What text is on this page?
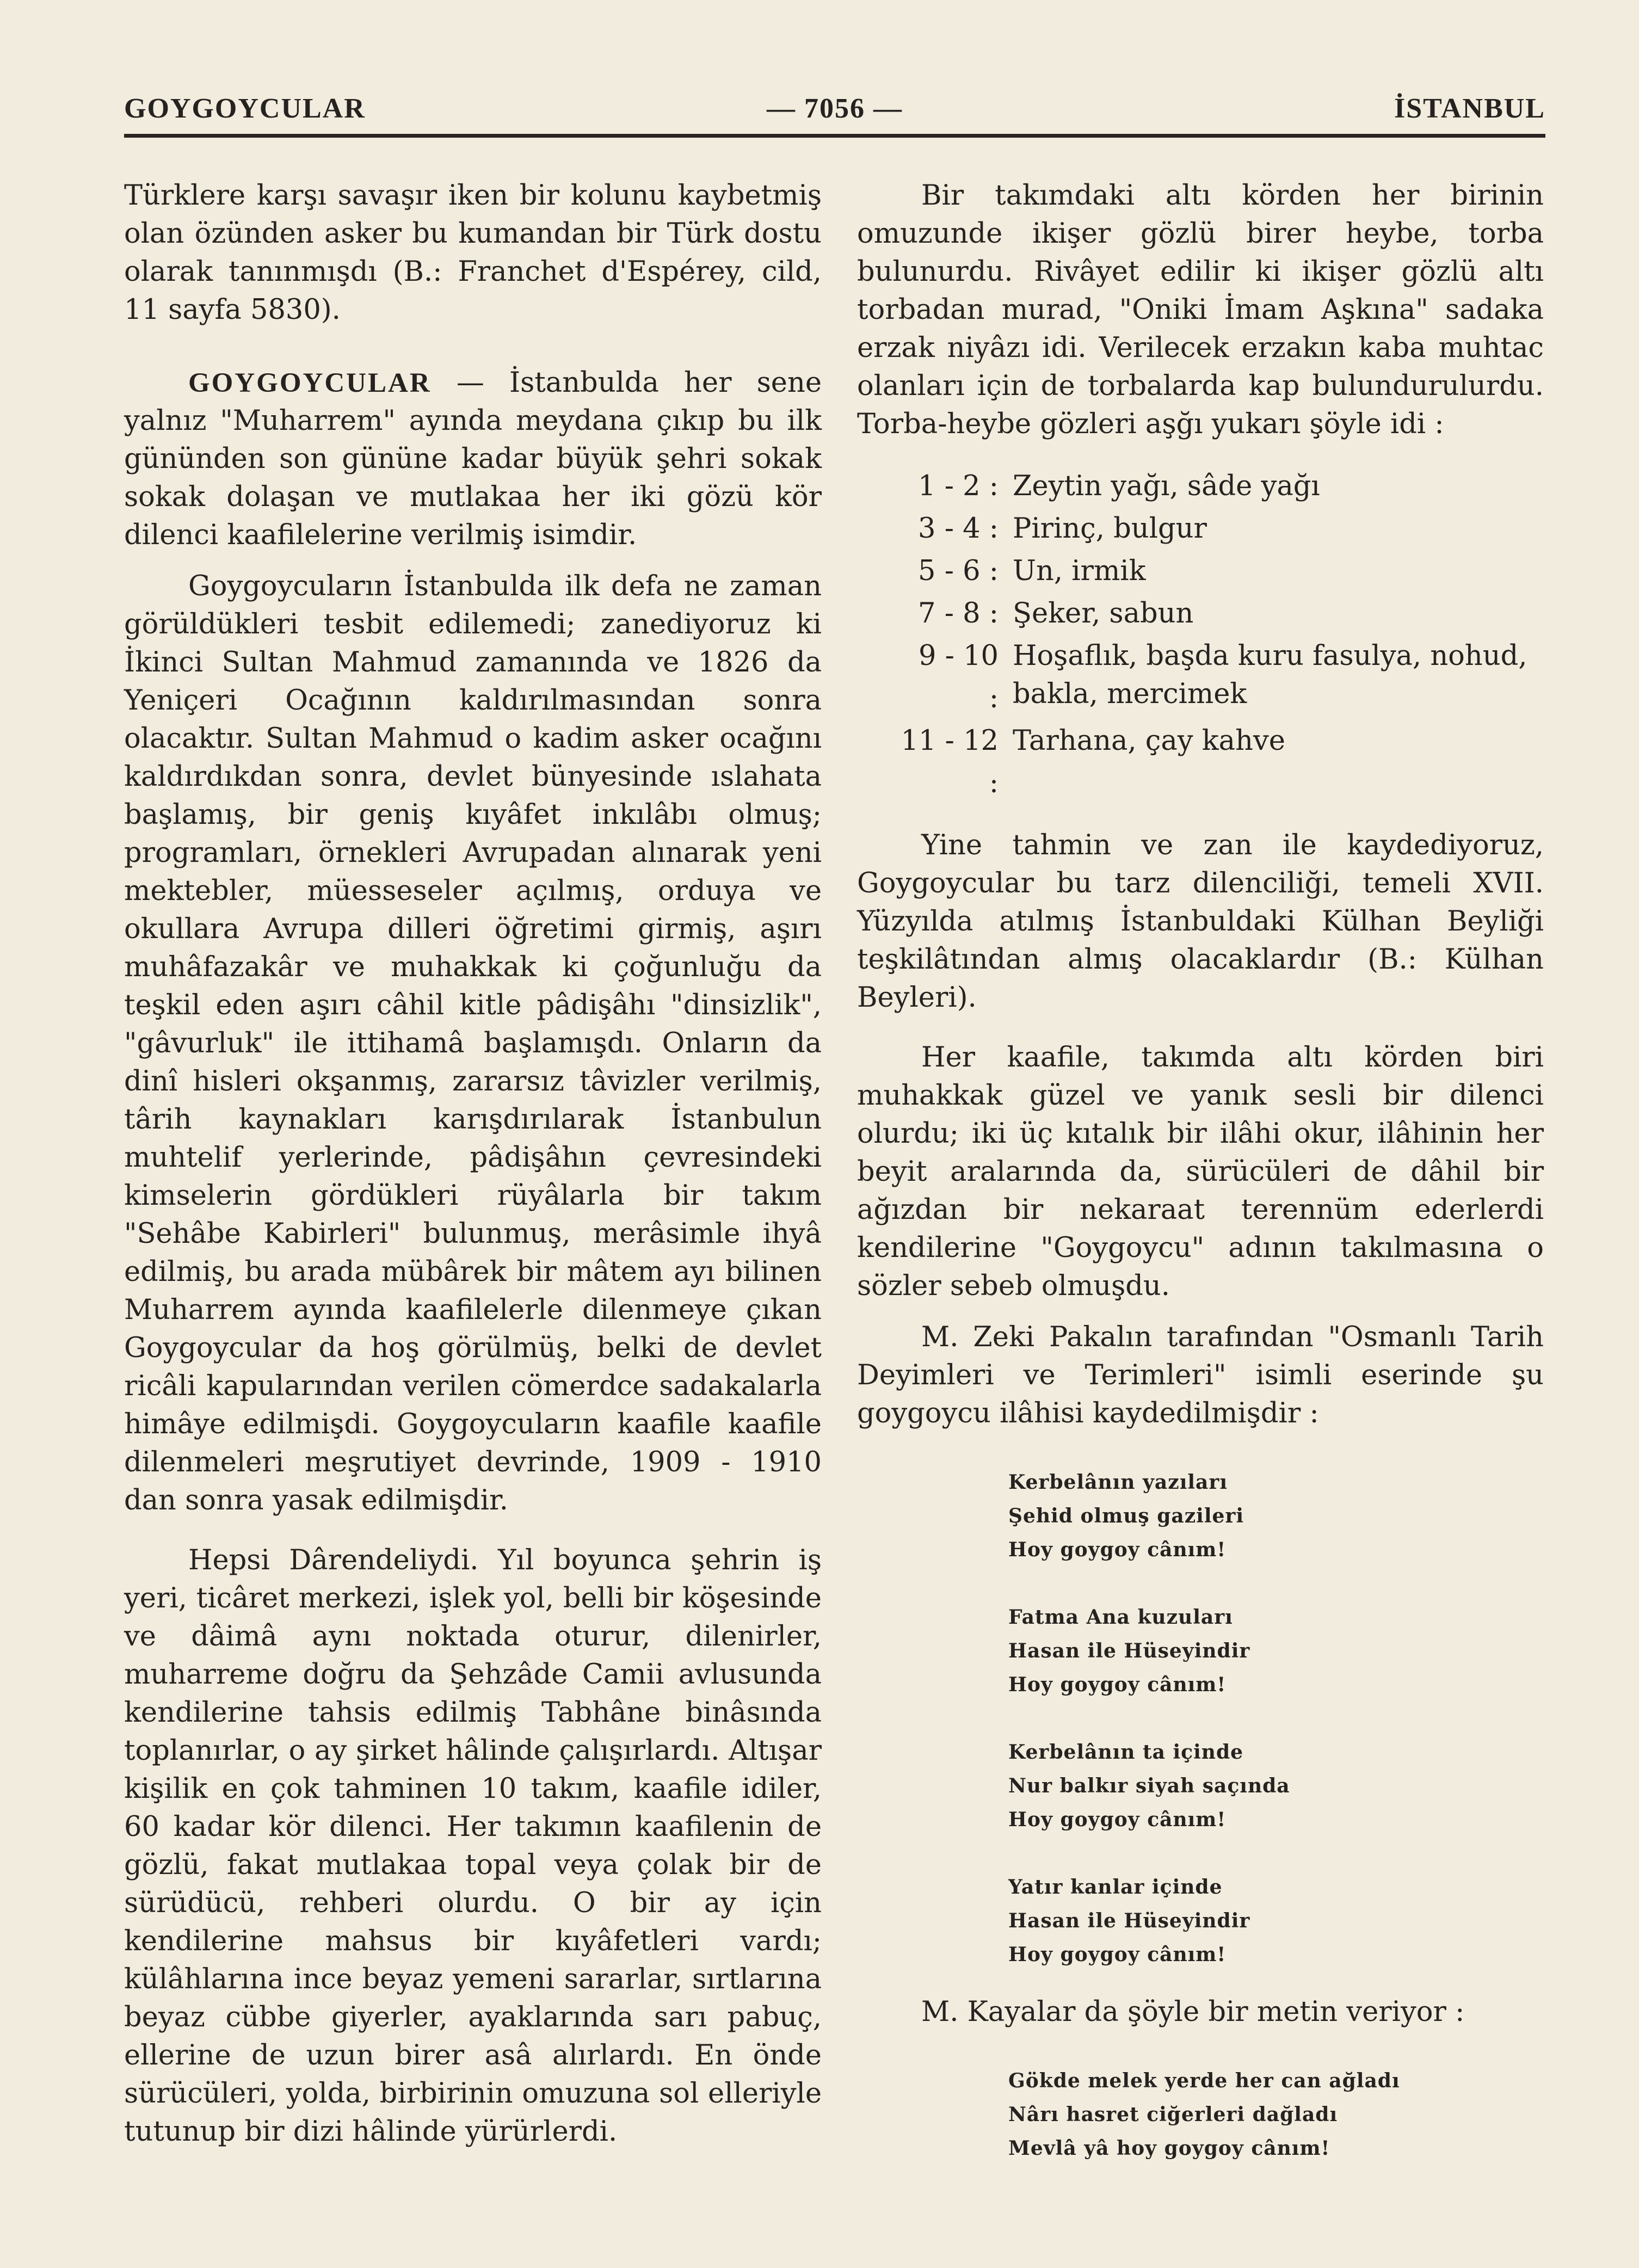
GOYGOYCULAR	— 7056 —	İSTANBUL

Türklere karşı savaşır iken bir kolunu kaybetmiş olan özünden asker bu kumandan bir Türk dostu olarak tanınmışdı (B.: Franchet d'Espérey, cild, 11 sayfa 5830).

GOYGOYCULAR — İstanbulda her sene yalnız "Muharrem" ayında meydana çıkıp bu ilk gününden son gününe kadar büyük şehri sokak sokak dolaşan ve mutlakaa her iki gözü kör dilenci kaafilelerine verilmiş isimdir.

Goygoycuların İstanbulda ilk defa ne zaman görüldükleri tesbit edilemedi; zanediyoruz ki İkinci Sultan Mahmud zamanında ve 1826 da Yeniçeri Ocağının kaldırılmasından sonra olacaktır. Sultan Mahmud o kadim asker ocağını kaldırdıkdan sonra, devlet bünyesinde ıslahata başlamış, bir geniş kıyâfet inkılâbı olmuş; programları, örnekleri Avrupadan alınarak yeni mektebler, müesseseler açılmış, orduya ve okullara Avrupa dilleri öğretimi girmiş, aşırı muhâfazakâr ve muhakkak ki çoğunluğu da teşkil eden aşırı câhil kitle pâdişâhı "dinsizlik", "gâvurluk" ile ittihamâ başlamışdı. Onların da dinî hisleri okşanmış, zararsız tâvizler verilmiş, târih kaynakları karışdırılarak İstanbulun muhtelif yerlerinde, pâdişâhın çevresindeki kimselerin gördükleri rüyâlarla bir takım "Sehâbe Kabirleri" bulunmuş, merâsimle ihyâ edilmiş, bu arada mübârek bir mâtem ayı bilinen Muharrem ayında kaafilelerle dilenmeye çıkan Goygoycular da hoş görülmüş, belki de devlet ricâli kapularından verilen cömerdce sadakalarla himâye edilmişdi. Goygoycuların kaafile kaafile dilenmeleri meşrutiyet devrinde, 1909 - 1910 dan sonra yasak edilmişdir.

Hepsi Dârendeliydi. Yıl boyunca şehrin iş yeri, ticâret merkezi, işlek yol, belli bir köşesinde ve dâimâ aynı noktada oturur, dilenirler, muharreme doğru da Şehzâde Camii avlusunda kendilerine tahsis edilmiş Tabhâne binâsında toplanırlar, o ay şirket hâlinde çalışırlardı. Altışar kişilik en çok tahminen 10 takım, kaafile idiler, 60 kadar kör dilenci. Her takımın kaafilenin de gözlü, fakat mutlakaa topal veya çolak bir de sürüdücü, rehberi olurdu. O bir ay için kendilerine mahsus bir kıyâfetleri vardı; külâhlarına ince beyaz yemeni sararlar, sırtlarına beyaz cübbe giyerler, ayaklarında sarı pabuç, ellerine de uzun birer asâ alırlardı. En önde sürücüleri, yolda, birbirinin omuzuna sol elleriyle tutunup bir dizi hâlinde yürürlerdi.

Bir takımdaki altı körden her birinin omuzunde ikişer gözlü birer heybe, torba bulunurdu. Rivâyet edilir ki ikişer gözlü altı torbadan murad, "Oniki İmam Aşkına" sadaka erzak niyâzı idi. Verilecek erzakın kaba muhtac olanları için de torbalarda kap bulundurulurdu. Torba-heybe gözleri aşğı yukarı şöyle idi :

1 - 2 : Zeytin yağı, sâde yağı
3 - 4 : Pirinç, bulgur
5 - 6 : Un, irmik
7 - 8 : Şeker, sabun
9 - 10 :
Hoşaflık, başda kuru fasulya, nohud, bakla, mercimek
11 - 12 :
Tarhana, çay kahve

Yine tahmin ve zan ile kaydediyoruz, Goygoycular bu tarz dilenciliği, temeli XVII. Yüzyılda atılmış İstanbuldaki Külhan Beyliği teşkilâtından almış olacaklardır (B.: Külhan Beyleri).

Her kaafile, takımda altı körden biri muhakkak güzel ve yanık sesli bir dilenci olurdu; iki üç kıtalık bir ilâhi okur, ilâhinin her beyit aralarında da, sürücüleri de dâhil bir ağızdan bir nekaraat terennüm ederlerdi kendilerine "Goygoycu" adının takılmasına o sözler sebeb olmuşdu.

M. Zeki Pakalın tarafından "Osmanlı Tarih Deyimleri ve Terimleri" isimli eserinde şu goygoycu ilâhisi kaydedilmişdir :

Kerbelânın yazıları
Şehid olmuş gazileri
Hoy goygoy cânım!
Fatma Ana kuzuları
Hasan ile Hüseyindir
Hoy goygoy cânım!
Kerbelânın ta içinde
Nur balkır siyah saçında
Hoy goygoy cânım!
Yatır kanlar içinde
Hasan ile Hüseyindir
Hoy goygoy cânım!

M. Kayalar da şöyle bir metin veriyor :

Gökde melek yerde her can ağladı
Nârı hasret ciğerleri dağladı
Mevlâ yâ hoy goygoy cânım!
